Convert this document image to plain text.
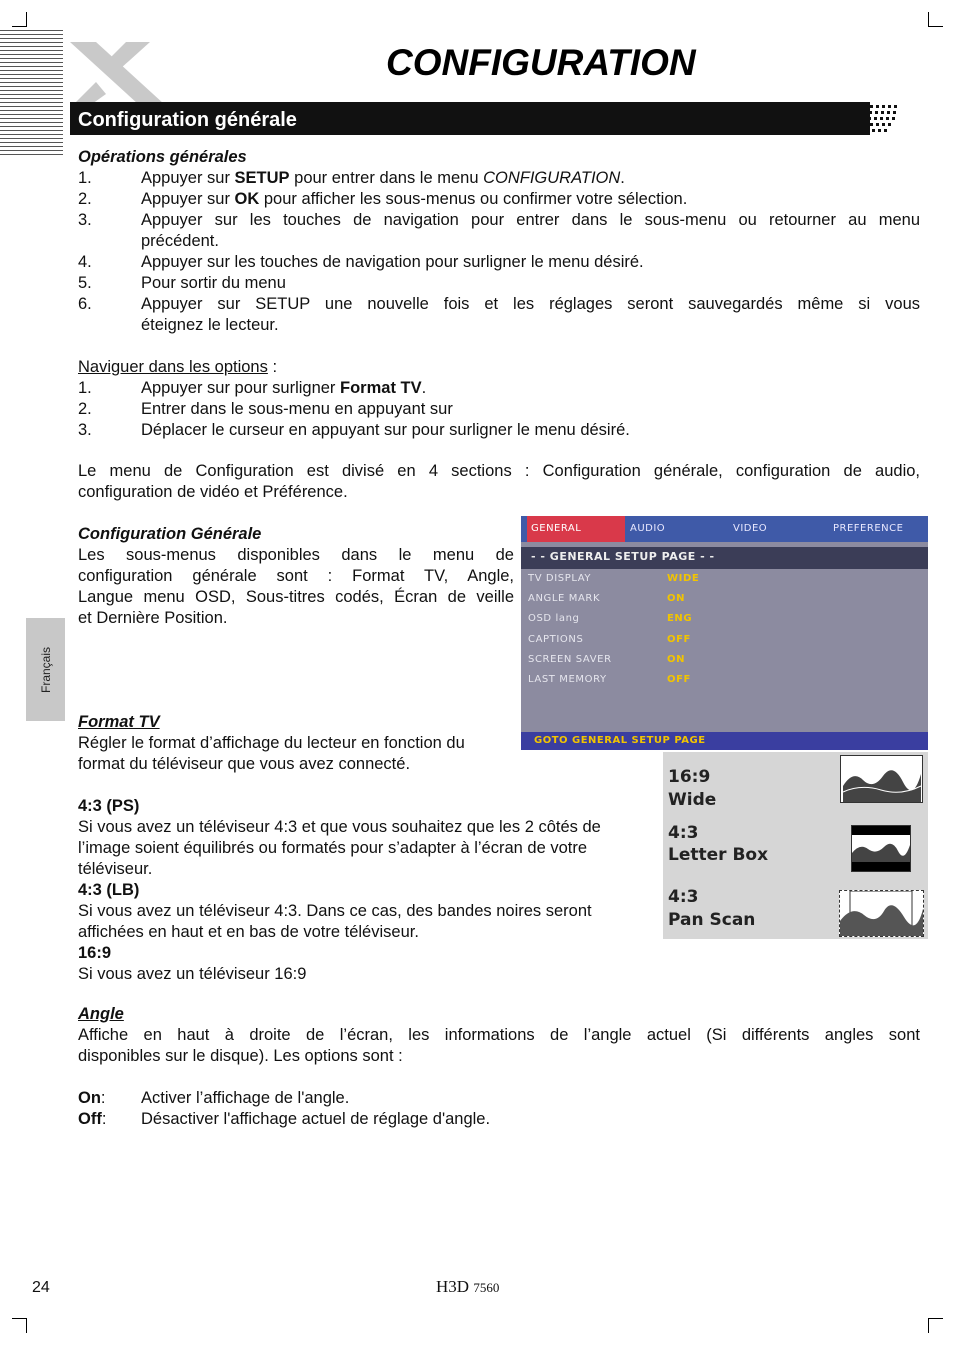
CONFIGURATION
Configuration générale
Français
Opérations générales
1.	Appuyer sur SETUP pour entrer dans le menu CONFIGURATION.
2.	Appuyer sur OK pour afficher les sous-menus ou confirmer votre sélection.
3.	Appuyer sur les touches de navigation pour entrer dans le sous-menu ou retourner au menu
précédent.
4.	Appuyer sur les touches de navigation pour surligner le menu désiré.
5.	Pour sortir du menu
6.	Appuyer sur SETUP une nouvelle fois et les réglages seront sauvegardés même si vous
éteignez le lecteur.
Naviguer dans les options :
1.	Appuyer sur pour surligner Format TV.
2.	Entrer dans le sous-menu en appuyant sur
3.	Déplacer le curseur en appuyant sur pour surligner le menu désiré.
Le menu de Configuration est divisé en 4 sections : Configuration générale, configuration de audio,
configuration de vidéo et Préférence.
Configuration Générale
Les sous-menus disponibles dans le menu de
configuration générale sont : Format TV, Angle,
Langue menu OSD, Sous-titres codés, Écran de veille
et Dernière Position.
GENERAL	AUDIO	VIDEO	PREFERENCE
- - GENERAL SETUP PAGE - -
TV DISPLAY	WIDE
ANGLE MARK	ON
OSD lang	ENG
CAPTIONS	OFF
SCREEN SAVER	ON
LAST MEMORY	OFF
GOTO GENERAL SETUP PAGE
Format TV
Régler le format d’affichage du lecteur en fonction du
format du téléviseur que vous avez connecté.
4:3 (PS)
Si vous avez un téléviseur 4:3 et que vous souhaitez que les 2 côtés de
l’image soient équilibrés ou formatés pour s’adapter à l’écran de votre
téléviseur.
4:3 (LB)
Si vous avez un téléviseur 4:3. Dans ce cas, des bandes noires seront
affichées en haut et en bas de votre téléviseur.
16:9
Si vous avez un téléviseur 16:9
16:9
Wide
4:3
Letter Box
4:3
Pan Scan
Angle
Affiche en haut à droite de l’écran, les informations de l’angle actuel (Si différents angles sont
disponibles sur le disque). Les options sont :
On: Activer l’affichage de l'angle.
Off: Désactiver l'affichage actuel de réglage d'angle.
24	H3D 7560
